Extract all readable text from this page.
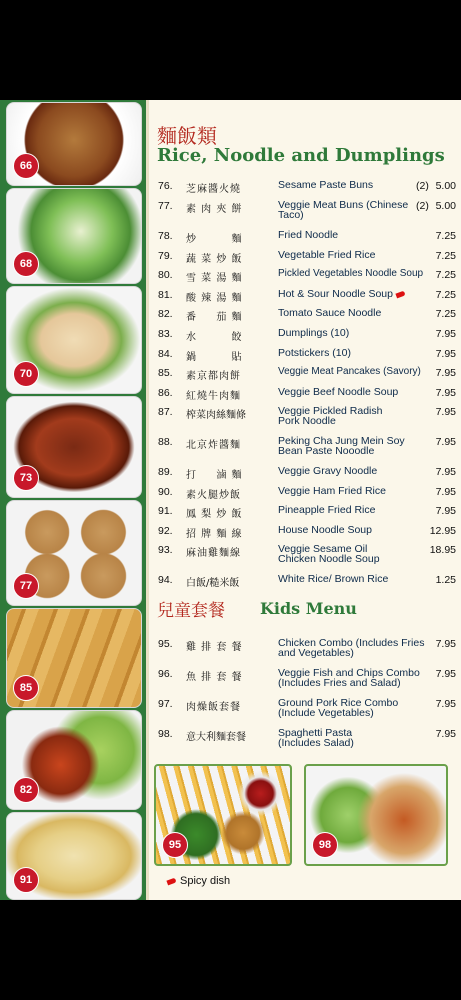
66
68
70
73
77
85
82
91
麵飯類
Rice, Noodle and Dumplings
76. 芝麻醬火燒	Sesame Paste Buns	(2) 5.00
77. 素 肉 夾 餅	Veggie Meat Buns (Chinese Taco)
(2) 5.00
78. 炒 　 　 麵	Fried Noodle	7.25
79. 蔬 菜 炒 飯	Vegetable Fried Rice	7.25
80. 雪 菜 湯 麵	Pickled Vegetables Noodle Soup	7.25
81. 酸 辣 湯 麵	Hot & Sour Noodle Soup	7.25
82. 番 　 茄 麵	Tomato Sauce Noodle	7.25
83. 水 　 　 餃	Dumplings (10)	7.95
84. 鍋 　 　 貼	Potstickers (10)	7.95
85. 素京都肉餅	Veggie Meat Pancakes (Savory)	7.95
86. 紅燒牛肉麵	Veggie Beef Noodle Soup	7.95
87. 榨菜肉絲麵條	Veggie Pickled Radish Pork Noodle
7.95
88. 北京炸醬麵	Peking Cha Jung Mein Soy Bean Paste Nooodle
7.95
89. 打 　 滷 麵	Veggie Gravy Noodle	7.95
90. 素火腿炒飯	Veggie Ham Fried Rice	7.95
91. 鳳 梨 炒 飯	Pineapple Fried Rice	7.95
92. 招 牌 麵 線	House Noodle Soup	12.95
93. 麻油雞麵線	Veggie Sesame Oil Chicken Noodle Soup
18.95
94. 白飯/糙米飯	White Rice/ Brown Rice	1.25
兒童套餐 Kids Menu
95. 雞 排 套 餐	Chicken Combo (Includes Fries and Vegetables)
7.95
96. 魚 排 套 餐	Veggie Fish and Chips Combo (Includes Fries and Salad)
7.95
97. 肉燥飯套餐	Ground Pork Rice Combo (Include Vegetables)
7.95
98. 意大利麵套餐	Spaghetti Pasta (Includes Salad)
7.95
95	98
Spicy dish
